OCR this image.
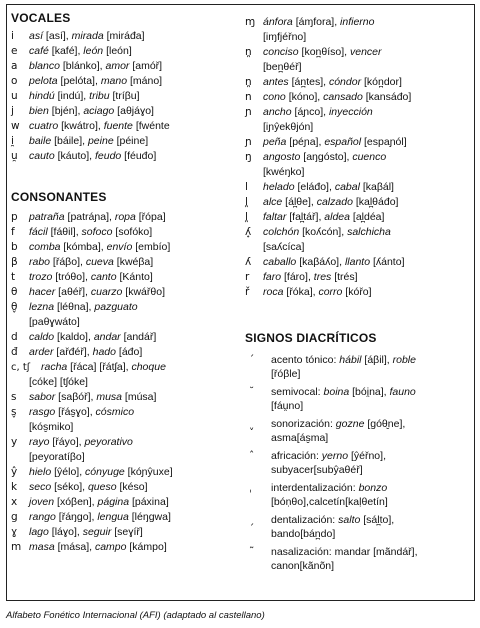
VOCALES
i	así [así], mirada [miráđa]
e	café [kafé], león [león]
a	blanco [blánko], amor [amóř]
o	pelota [pelóta], mano [máno]
u	hindú [indú], tribu [tríβu]
j	bien [bjén], aciago [aθjáɣo]
w cuatro [kwátro], fuente [fwénte
i̯	baile [báile], peine [péine]
u̯	cauto [káuto], feudo [féuđo]
CONSONANTES
p	patraña [patráɲa], ropa [řópa]
f	fácil [fáθil], sofoco [sofóko]
b	comba [kómba], envío [embío]
β	rabo [řáβo], cueva [kwéβa]
t	trozo [tróθo], canto [Kánto]
θ	hacer [aθéř], cuarzo [kwářθo]
θ̬	lezna [léθna], pazguato
[paθɣwáto]
d	caldo [kaldo], andar [andář]
đ	arder [ařđéř], hado [áđo]
c, tʃ	racha [řáca] [řátʃa], choque
[cóke] [tʃóke]
s	sabor [saβóř], musa [músa]
s̬	rasgo [řás̬ɣo], cósmico
[kós̬miko]
y	rayo [řáyo], peyorativo
[peyoratíβo]
ŷ	hielo [ŷélo], cónyuge [kóɲŷuxe]
k	seco [séko], queso [késo]
x	joven [xóβen], página [páxina]
g	rango [řáŋgo], lengua [léŋgwa]
ɣ	lago [láɣo], seguir [seɣíř]
m masa [mása], campo [kámpo]
ɱ ánfora [áɱfora], infierno
[iɱfjéřno]
n̪	conciso [kon̪θíso], vencer
[ben̪θéř]
n̪	antes [án̪tes], cóndor [kón̪dor]
n	cono [kóno], cansado [kansáđo]
ɲ	ancho [áɲco], inyección
[iɲŷekθjón]
ɲ	peña [péɲa], español [espaɲól]
ŋ	angosto [aŋgósto], cuenco
[kwéŋko]
l	helado [eláđo], cabal [kaβál]
l̪	alce [ál̪θe], calzado [kal̪θáđo]
l̪	faltar [fal̪tář], aldea [al̪déa]
ʎ̟	colchón [koʎcón], salchicha
[saʎcíca]
ʎ	caballo [kaβáʎo], llanto [ʎánto]
r	faro [fáro], tres [trés]
ř	roca [řóka], corro [kóřo]
SIGNOS DIACRÍTICOS
´	acento tónico: hábil [áβil], roble
[řóβle]
˘	semivocal: boina [bói̯na], fauno
[fáu̯no]
ˬ	sonorización: gozne [góθ̬ne],
asma [ás̬ma]
ˆ	africación: yerno [ŷéřno],
subyacer [subŷaθéř]
ˌ	interdentalización: bonzo
[bóṇθo], calcetín [kaḷθetín]
ˏ	dentalización: salto [sál̪to],
bando [bán̪do]
˜	nasalización: mandar [mãndář],
canon [kãnõn]
Alfabeto Fonético Internacional (AFI) (adaptado al castellano)
